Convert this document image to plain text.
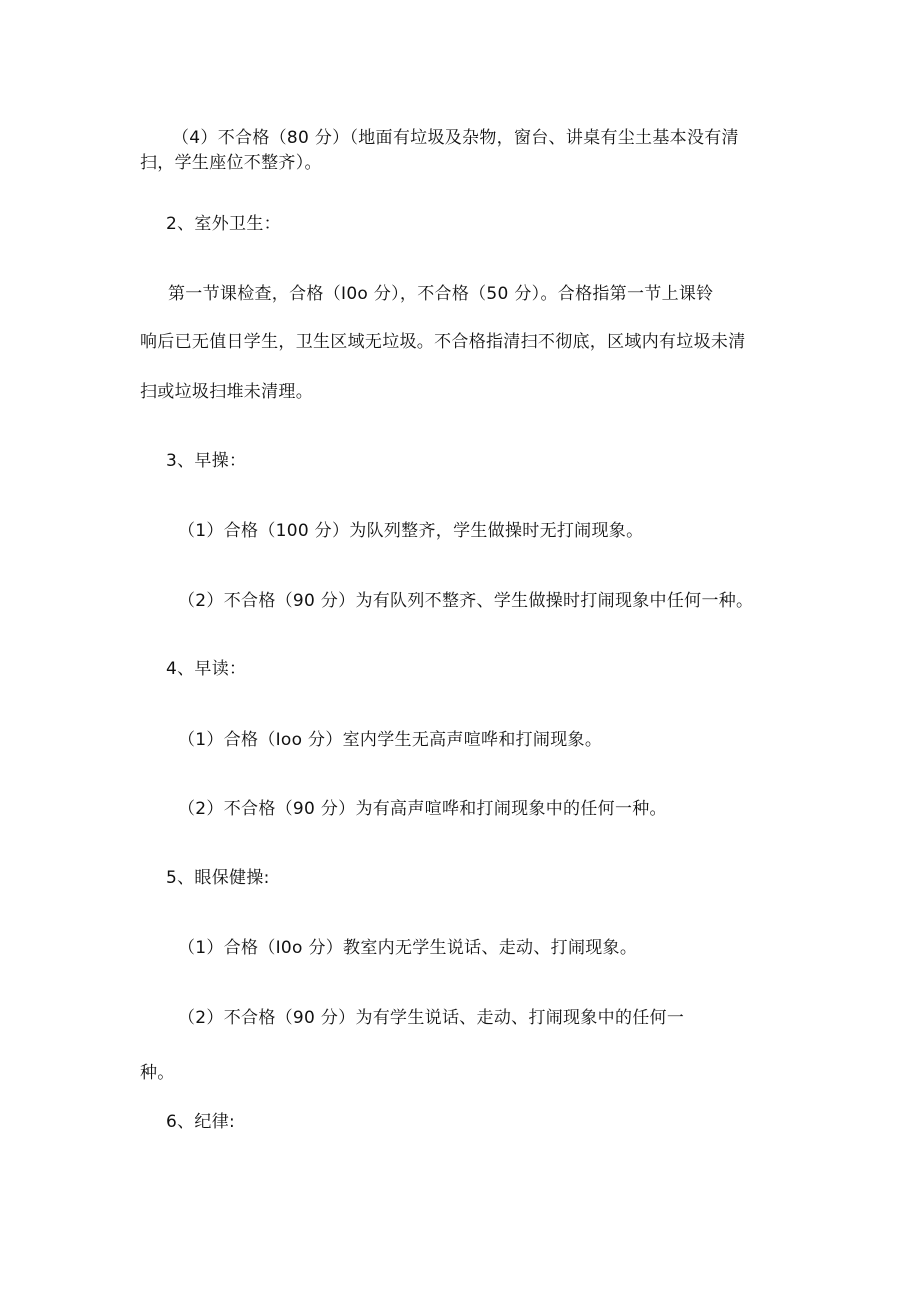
（4）不合格（80 分）（地面有垃圾及杂物，窗台、讲桌有尘土基本没有清
扫，学生座位不整齐）。
2、室外卫生：
第一节课检查，合格（I0o 分），不合格（50 分）。合格指第一节上课铃
响后已无值日学生，卫生区域无垃圾。不合格指清扫不彻底，区域内有垃圾未清
扫或垃圾扫堆未清理。
3、早操：
（1）合格（100 分）为队列整齐，学生做操时无打闹现象。
（2）不合格（90 分）为有队列不整齐、学生做操时打闹现象中任何一种。
4、早读：
（1）合格（Ioo 分）室内学生无高声喧哗和打闹现象。
（2）不合格（90 分）为有高声喧哗和打闹现象中的任何一种。
5、眼保健操:
（1）合格（I0o 分）教室内无学生说话、走动、打闹现象。
（2）不合格（90 分）为有学生说话、走动、打闹现象中的任何一
种。
6、纪律:
